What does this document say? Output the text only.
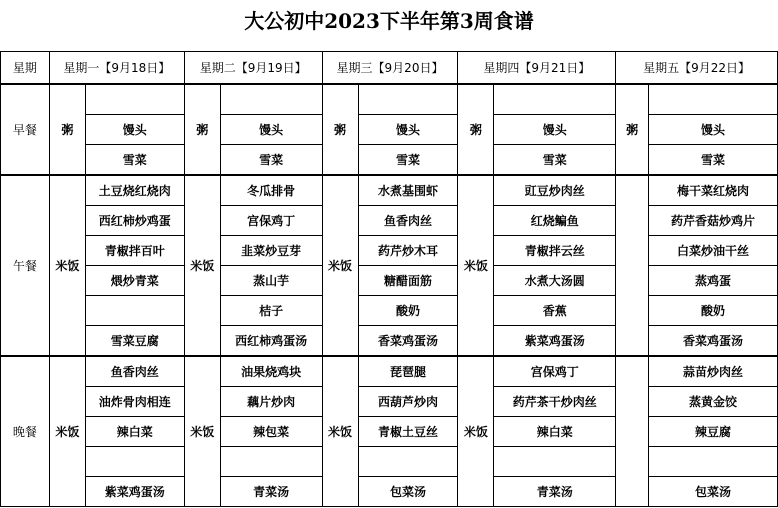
大公初中2023下半年第3周食谱
星期	星期一【9月18日】		星期二【9月19日】		星期三【9月20日】		星期四【9月21日】		星期五【9月22日】	
早餐	粥		粥		粥		粥		粥	
		馒头		馒头		馒头		馒头		馒头
		雪菜		雪菜		雪菜		雪菜		雪菜
午餐	米饭	土豆烧红烧肉	米饭	冬瓜排骨	米饭	水煮基围虾	米饭	豇豆炒肉丝		梅干菜红烧肉
		西红柿炒鸡蛋		宫保鸡丁		鱼香肉丝		红烧鳊鱼		药芹香菇炒鸡片
		青椒拌百叶		韭菜炒豆芽		药芹炒木耳		青椒拌云丝		白菜炒油干丝
		煨炒青菜		蒸山芋		糖醋面筋		水煮大汤圆		蒸鸡蛋
				桔子		酸奶		香蕉		酸奶
		雪菜豆腐		西红柿鸡蛋汤		香菜鸡蛋汤		紫菜鸡蛋汤		香菜鸡蛋汤
晚餐	米饭	鱼香肉丝	米饭	油果烧鸡块	米饭	琵琶腿	米饭	宫保鸡丁		蒜苗炒肉丝
		油炸骨肉相连		藕片炒肉		西葫芦炒肉		药芹茶干炒肉丝		蒸黄金饺
		辣白菜		辣包菜		青椒土豆丝		辣白菜		辣豆腐

		紫菜鸡蛋汤		青菜汤		包菜汤		青菜汤		包菜汤
